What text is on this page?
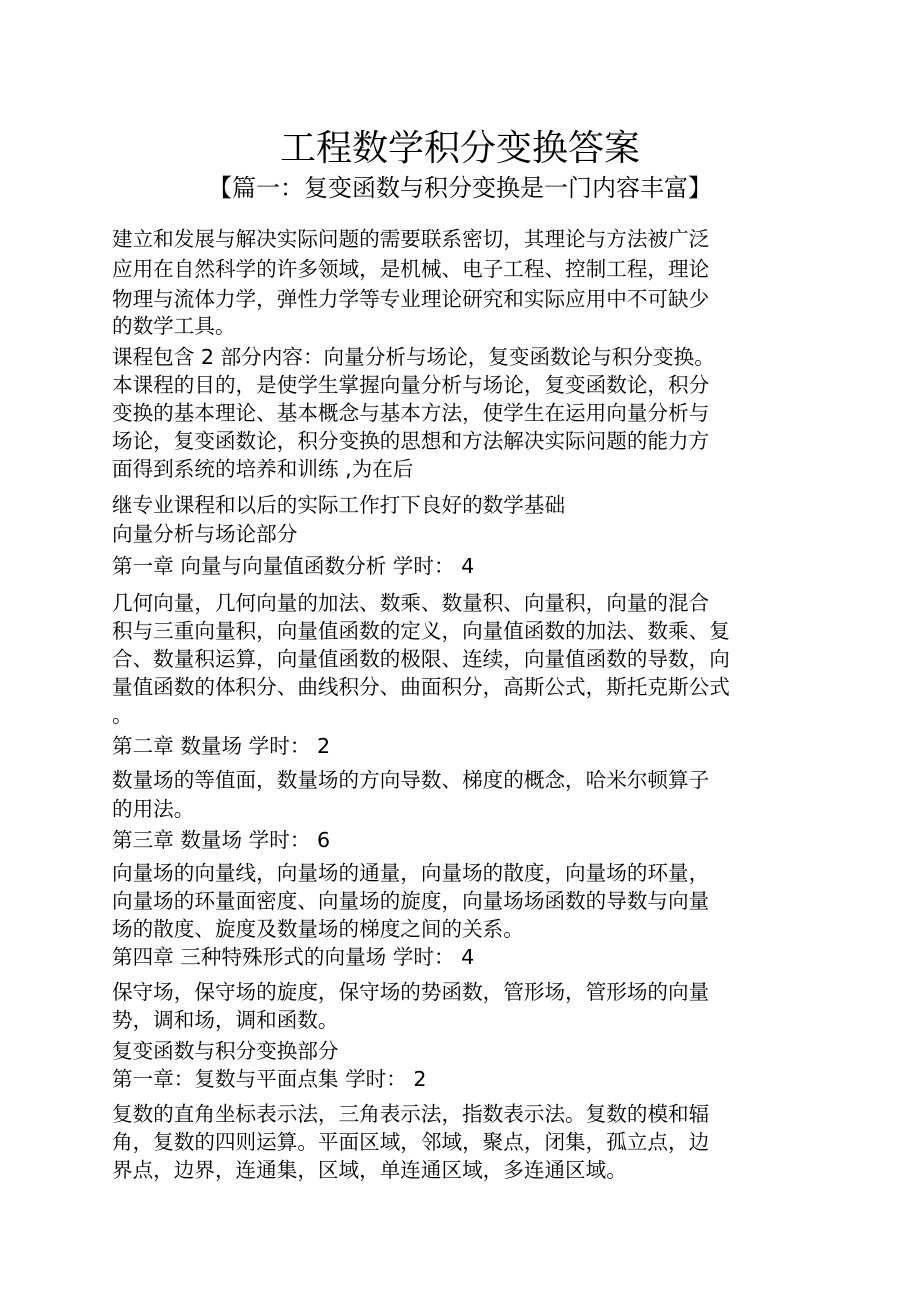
工程数学积分变换答案
【篇一：复变函数与积分变换是一门内容丰富】
建立和发展与解决实际问题的需要联系密切，其理论与方法被广泛
应用在自然科学的许多领域，是机械、电子工程、控制工程，理论
物理与流体力学，弹性力学等专业理论研究和实际应用中不可缺少
的数学工具。
课程包含 2 部分内容：向量分析与场论，复变函数论与积分变换。
本课程的目的，是使学生掌握向量分析与场论，复变函数论，积分
变换的基本理论、基本概念与基本方法，使学生在运用向量分析与
场论，复变函数论，积分变换的思想和方法解决实际问题的能力方
面得到系统的培养和训练 ,为在后
继专业课程和以后的实际工作打下良好的数学基础
向量分析与场论部分
第一章 向量与向量值函数分析 学时： 4
几何向量，几何向量的加法、数乘、数量积、向量积，向量的混合
积与三重向量积，向量值函数的定义，向量值函数的加法、数乘、复
合、数量积运算，向量值函数的极限、连续，向量值函数的导数，向
量值函数的体积分、曲线积分、曲面积分，高斯公式，斯托克斯公式
。
第二章 数量场 学时： 2
数量场的等值面，数量场的方向导数、梯度的概念，哈米尔顿算子
的用法。
第三章 数量场 学时： 6
向量场的向量线，向量场的通量，向量场的散度，向量场的环量，
向量场的环量面密度、向量场的旋度，向量场场函数的导数与向量
场的散度、旋度及数量场的梯度之间的关系。
第四章 三种特殊形式的向量场 学时： 4
保守场，保守场的旋度，保守场的势函数，管形场，管形场的向量
势，调和场，调和函数。
复变函数与积分变换部分
第一章：复数与平面点集 学时： 2
复数的直角坐标表示法，三角表示法，指数表示法。复数的模和辐
角，复数的四则运算。平面区域，邻域，聚点，闭集，孤立点，边
界点，边界，连通集，区域，单连通区域，多连通区域。
